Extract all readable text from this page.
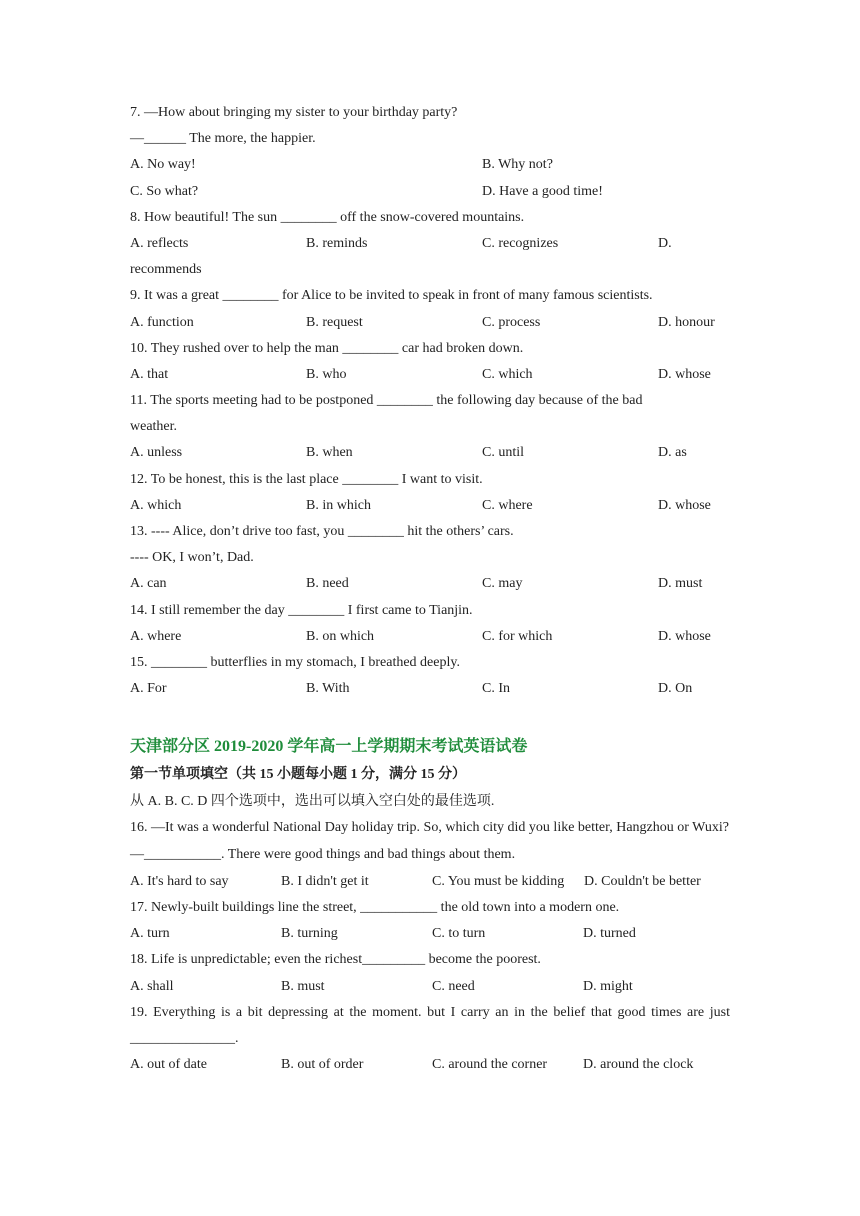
7. —How about bringing my sister to your birthday party?
—______ The more, the happier.
A. No way!	B. Why not?
C. So what?	D. Have a good time!
8. How beautiful! The sun ________ off the snow-covered mountains.
A. reflects	B. reminds	C. recognizes	D.
recommends
9. It was a great ________ for Alice to be invited to speak in front of many famous scientists.
A. function	B. request	C. process	D. honour
10. They rushed over to help the man ________ car had broken down.
A. that	B. who	C. which	D. whose
11. The sports meeting had to be postponed ________ the following day because of the bad
weather.
A. unless	B. when	C. until	D. as
12. To be honest, this is the last place ________ I want to visit.
A. which	B. in which	C. where	D. whose
13. ---- Alice, don’t drive too fast, you ________ hit the others’ cars.
---- OK, I won’t, Dad.
A. can	B. need	C. may	D. must
14. I still remember the day ________ I first came to Tianjin.
A. where	B. on which	C. for which	D. whose
15. ________ butterflies in my stomach, I breathed deeply.
A. For	B. With	C. In	D. On
天津部分区 2019-2020 学年高一上学期期末考试英语试卷
第一节单项填空（共 15 小题每小题 1 分，满分 15 分）
从 A. B. C. D 四个选项中，选出可以填入空白处的最佳选项.
16. —It was a wonderful National Day holiday trip. So, which city did you like better, Hangzhou or Wuxi?
—___________. There were good things and bad things about them.
A. It's hard to say	B. I didn't get it	C. You must be kidding	D. Couldn't be better
17. Newly-built buildings line the street, ___________ the old town into a modern one.
A. turn	B. turning	C. to turn	D. turned
18. Life is unpredictable; even the richest_________ become the poorest.
A. shall	B. must	C. need	D. might
19. Everything is a bit depressing at the moment. but I carry an in the belief that good times are just _______________.
A. out of date	B. out of order	C. around the corner	D. around the clock
